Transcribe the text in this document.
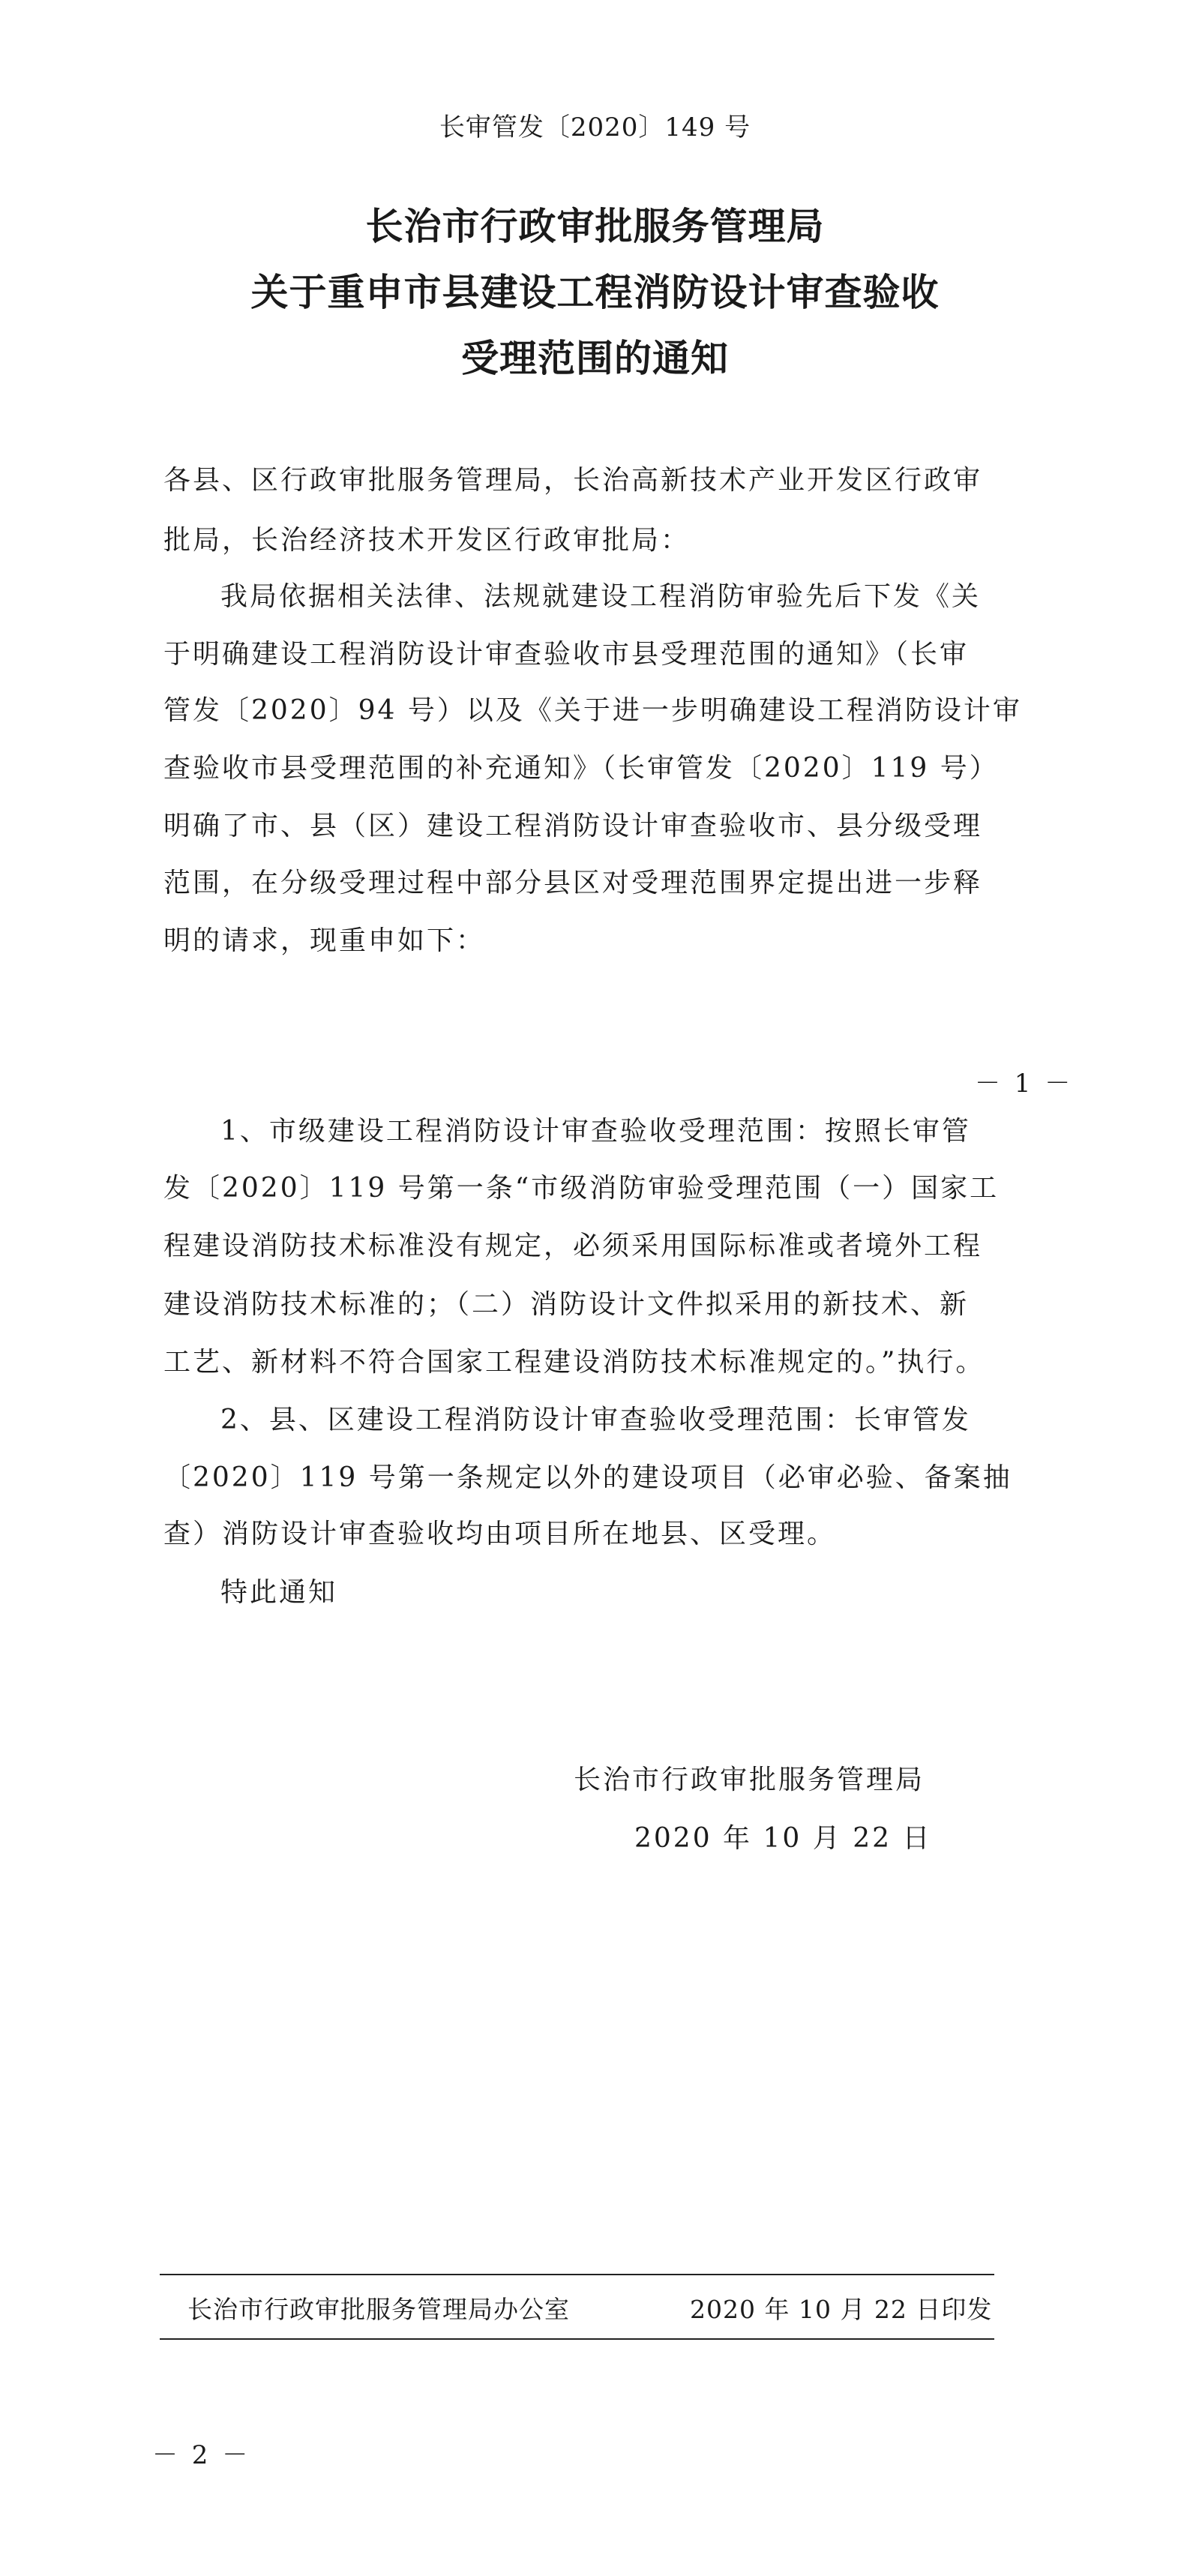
长审管发〔2020〕149 号
长治市行政审批服务管理局
关于重申市县建设工程消防设计审查验收
受理范围的通知
各县、区行政审批服务管理局，长治高新技术产业开发区行政审
批局，长治经济技术开发区行政审批局：
我局依据相关法律、法规就建设工程消防审验先后下发《关
于明确建设工程消防设计审查验收市县受理范围的通知》（长审
管发〔2020〕94 号）以及《关于进一步明确建设工程消防设计审
查验收市县受理范围的补充通知》（长审管发〔2020〕119 号）
明确了市、县（区）建设工程消防设计审查验收市、县分级受理
范围，在分级受理过程中部分县区对受理范围界定提出进一步释
明的请求，现重申如下：
－ 1 －
1、市级建设工程消防设计审查验收受理范围：按照长审管
发〔2020〕119 号第一条“市级消防审验受理范围（一）国家工
程建设消防技术标准没有规定，必须采用国际标准或者境外工程
建设消防技术标准的；（二）消防设计文件拟采用的新技术、新
工艺、新材料不符合国家工程建设消防技术标准规定的。”执行。
2、县、区建设工程消防设计审查验收受理范围：长审管发
〔2020〕119 号第一条规定以外的建设项目（必审必验、备案抽
查）消防设计审查验收均由项目所在地县、区受理。
特此通知
长治市行政审批服务管理局
2020 年 10 月 22 日
长治市行政审批服务管理局办公室	2020 年 10 月 22 日印发
－ 2 －
